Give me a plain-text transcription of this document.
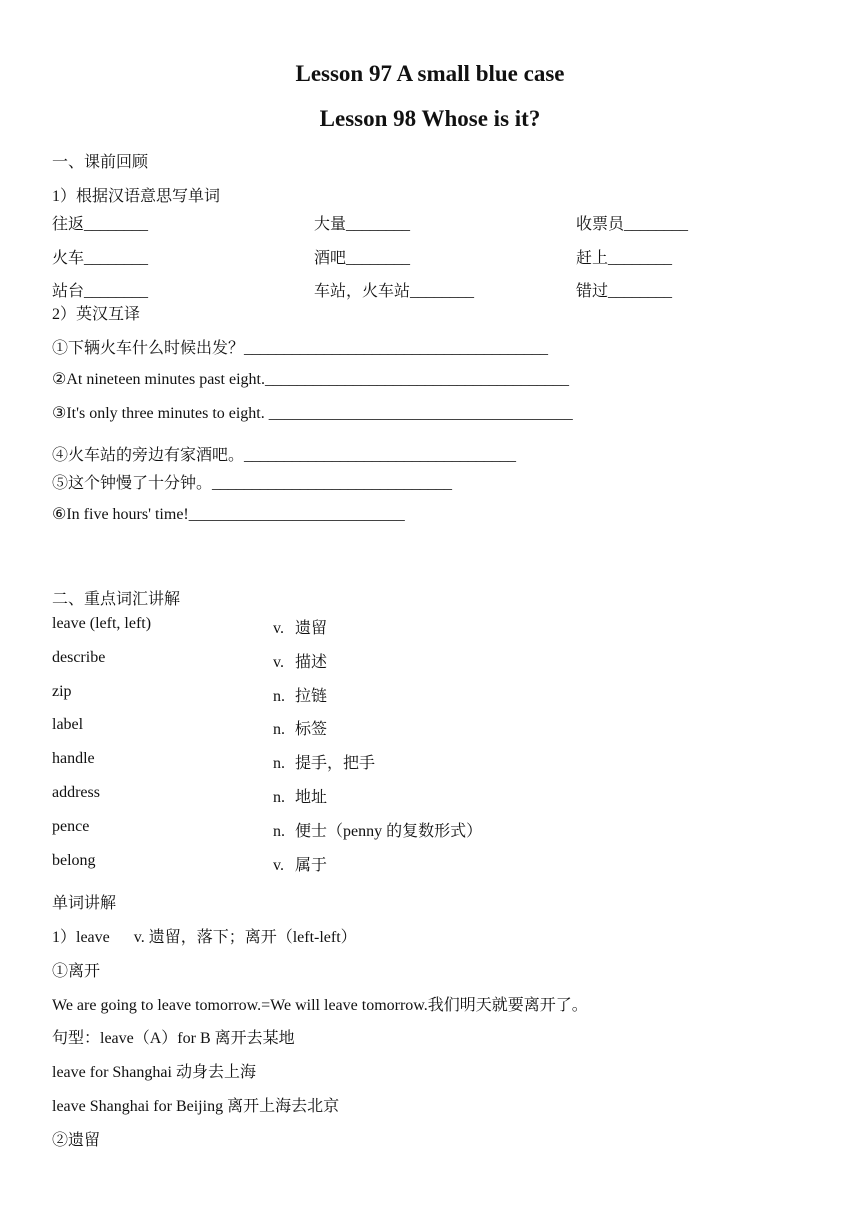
Lesson 97 A small blue case
Lesson 98 Whose is it?
一、课前回顾
1）根据汉语意思写单词
往返________	大量________	收票员________
火车________	酒吧________	赶上________
站台________	车站，火车站________	错过________
2）英汉互译
①下辆火车什么时候出发？______________________________________
②At nineteen minutes past eight.______________________________________
③It's only three minutes to eight. ______________________________________
④火车站的旁边有家酒吧。__________________________________
⑤这个钟慢了十分钟。______________________________
⑥In five hours' time!___________________________
二、重点词汇讲解
leave (left, left)	v. 遗留
describe	v. 描述
zip	n. 拉链
label	n. 标签
handle	n. 提手，把手
address	n. 地址
pence	n. 便士（penny 的复数形式）
belong	v. 属于
单词讲解
1）leave      v. 遗留，落下；离开（left-left）
①离开
We are going to leave tomorrow.=We will leave tomorrow.我们明天就要离开了。
句型：leave（A）for B 离开去某地
leave for Shanghai 动身去上海
leave Shanghai for Beijing 离开上海去北京
②遗留
